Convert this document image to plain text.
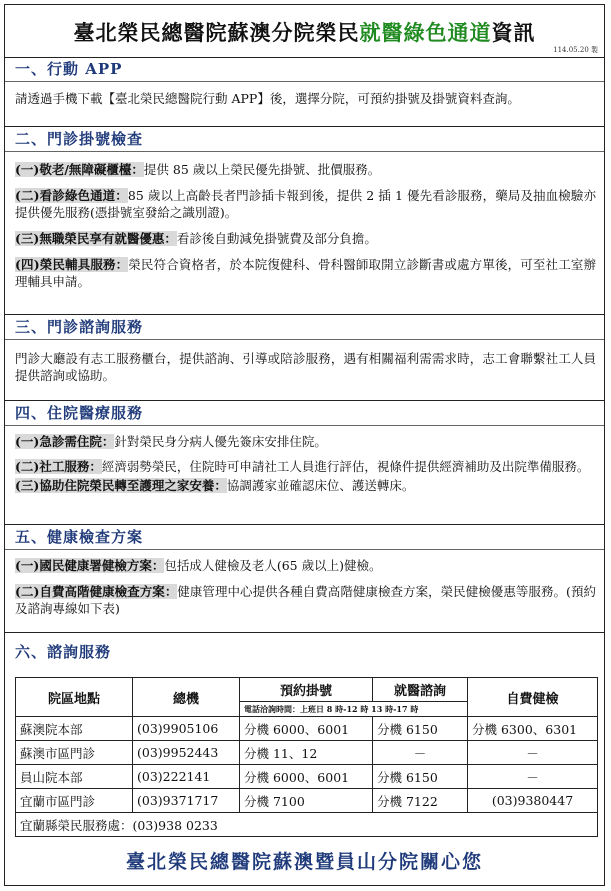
臺北榮民總醫院蘇澳分院榮民就醫綠色通道資訊
114.05.20 製
一、行動 APP
請透過手機下載【臺北榮民總醫院行動 APP】後，選擇分院，可預約掛號及掛號資料查詢。
二、門診掛號檢查
(一)敬老/無障礙櫃檯：提供 85 歲以上榮民優先掛號、批價服務。
(二)看診綠色通道：85 歲以上高齡長者門診插卡報到後，提供 2 插 1 優先看診服務，藥局及抽血檢驗亦提供優先服務(憑掛號室發給之識別證)。
(三)無職榮民享有就醫優惠：看診後自動減免掛號費及部分負擔。
(四)榮民輔具服務：榮民符合資格者，於本院復健科、骨科醫師取開立診斷書或處方單後，可至社工室辦理輔具申請。
三、門診諮詢服務
門診大廳設有志工服務櫃台，提供諮詢、引導或陪診服務，遇有相關福利需需求時，志工會聯繫社工人員提供諮詢或協助。
四、住院醫療服務
(一)急診需住院：針對榮民身分病人優先簽床安排住院。
(二)社工服務：經濟弱勢榮民，住院時可申請社工人員進行評估，視條件提供經濟補助及出院準備服務。
(三)協助住院榮民轉至護理之家安養：協調護家並確認床位、護送轉床。
五、健康檢查方案
(一)國民健康署健檢方案：包括成人健檢及老人(65 歲以上)健檢。
(二)自費高階健康檢查方案：健康管理中心提供各種自費高階健康檢查方案，榮民健檢優惠等服務。(預約及諮詢專線如下表)
六、諮詢服務
院區地點	總機	預約掛號	就醫諮詢	自費健檢
		電話洽詢時間：上班日 8 時-12 時 13 時-17 時		
蘇澳院本部	(03)9905106	分機 6000、6001	分機 6150	分機 6300、6301
蘇澳市區門診	(03)9952443	分機 11、12	－	－
員山院本部	(03)222141	分機 6000、6001	分機 6150	－
宜蘭市區門診	(03)9371717	分機 7100	分機 7122	(03)9380447
宜蘭縣榮民服務處：(03)938 0233				
臺北榮民總醫院蘇澳暨員山分院關心您
